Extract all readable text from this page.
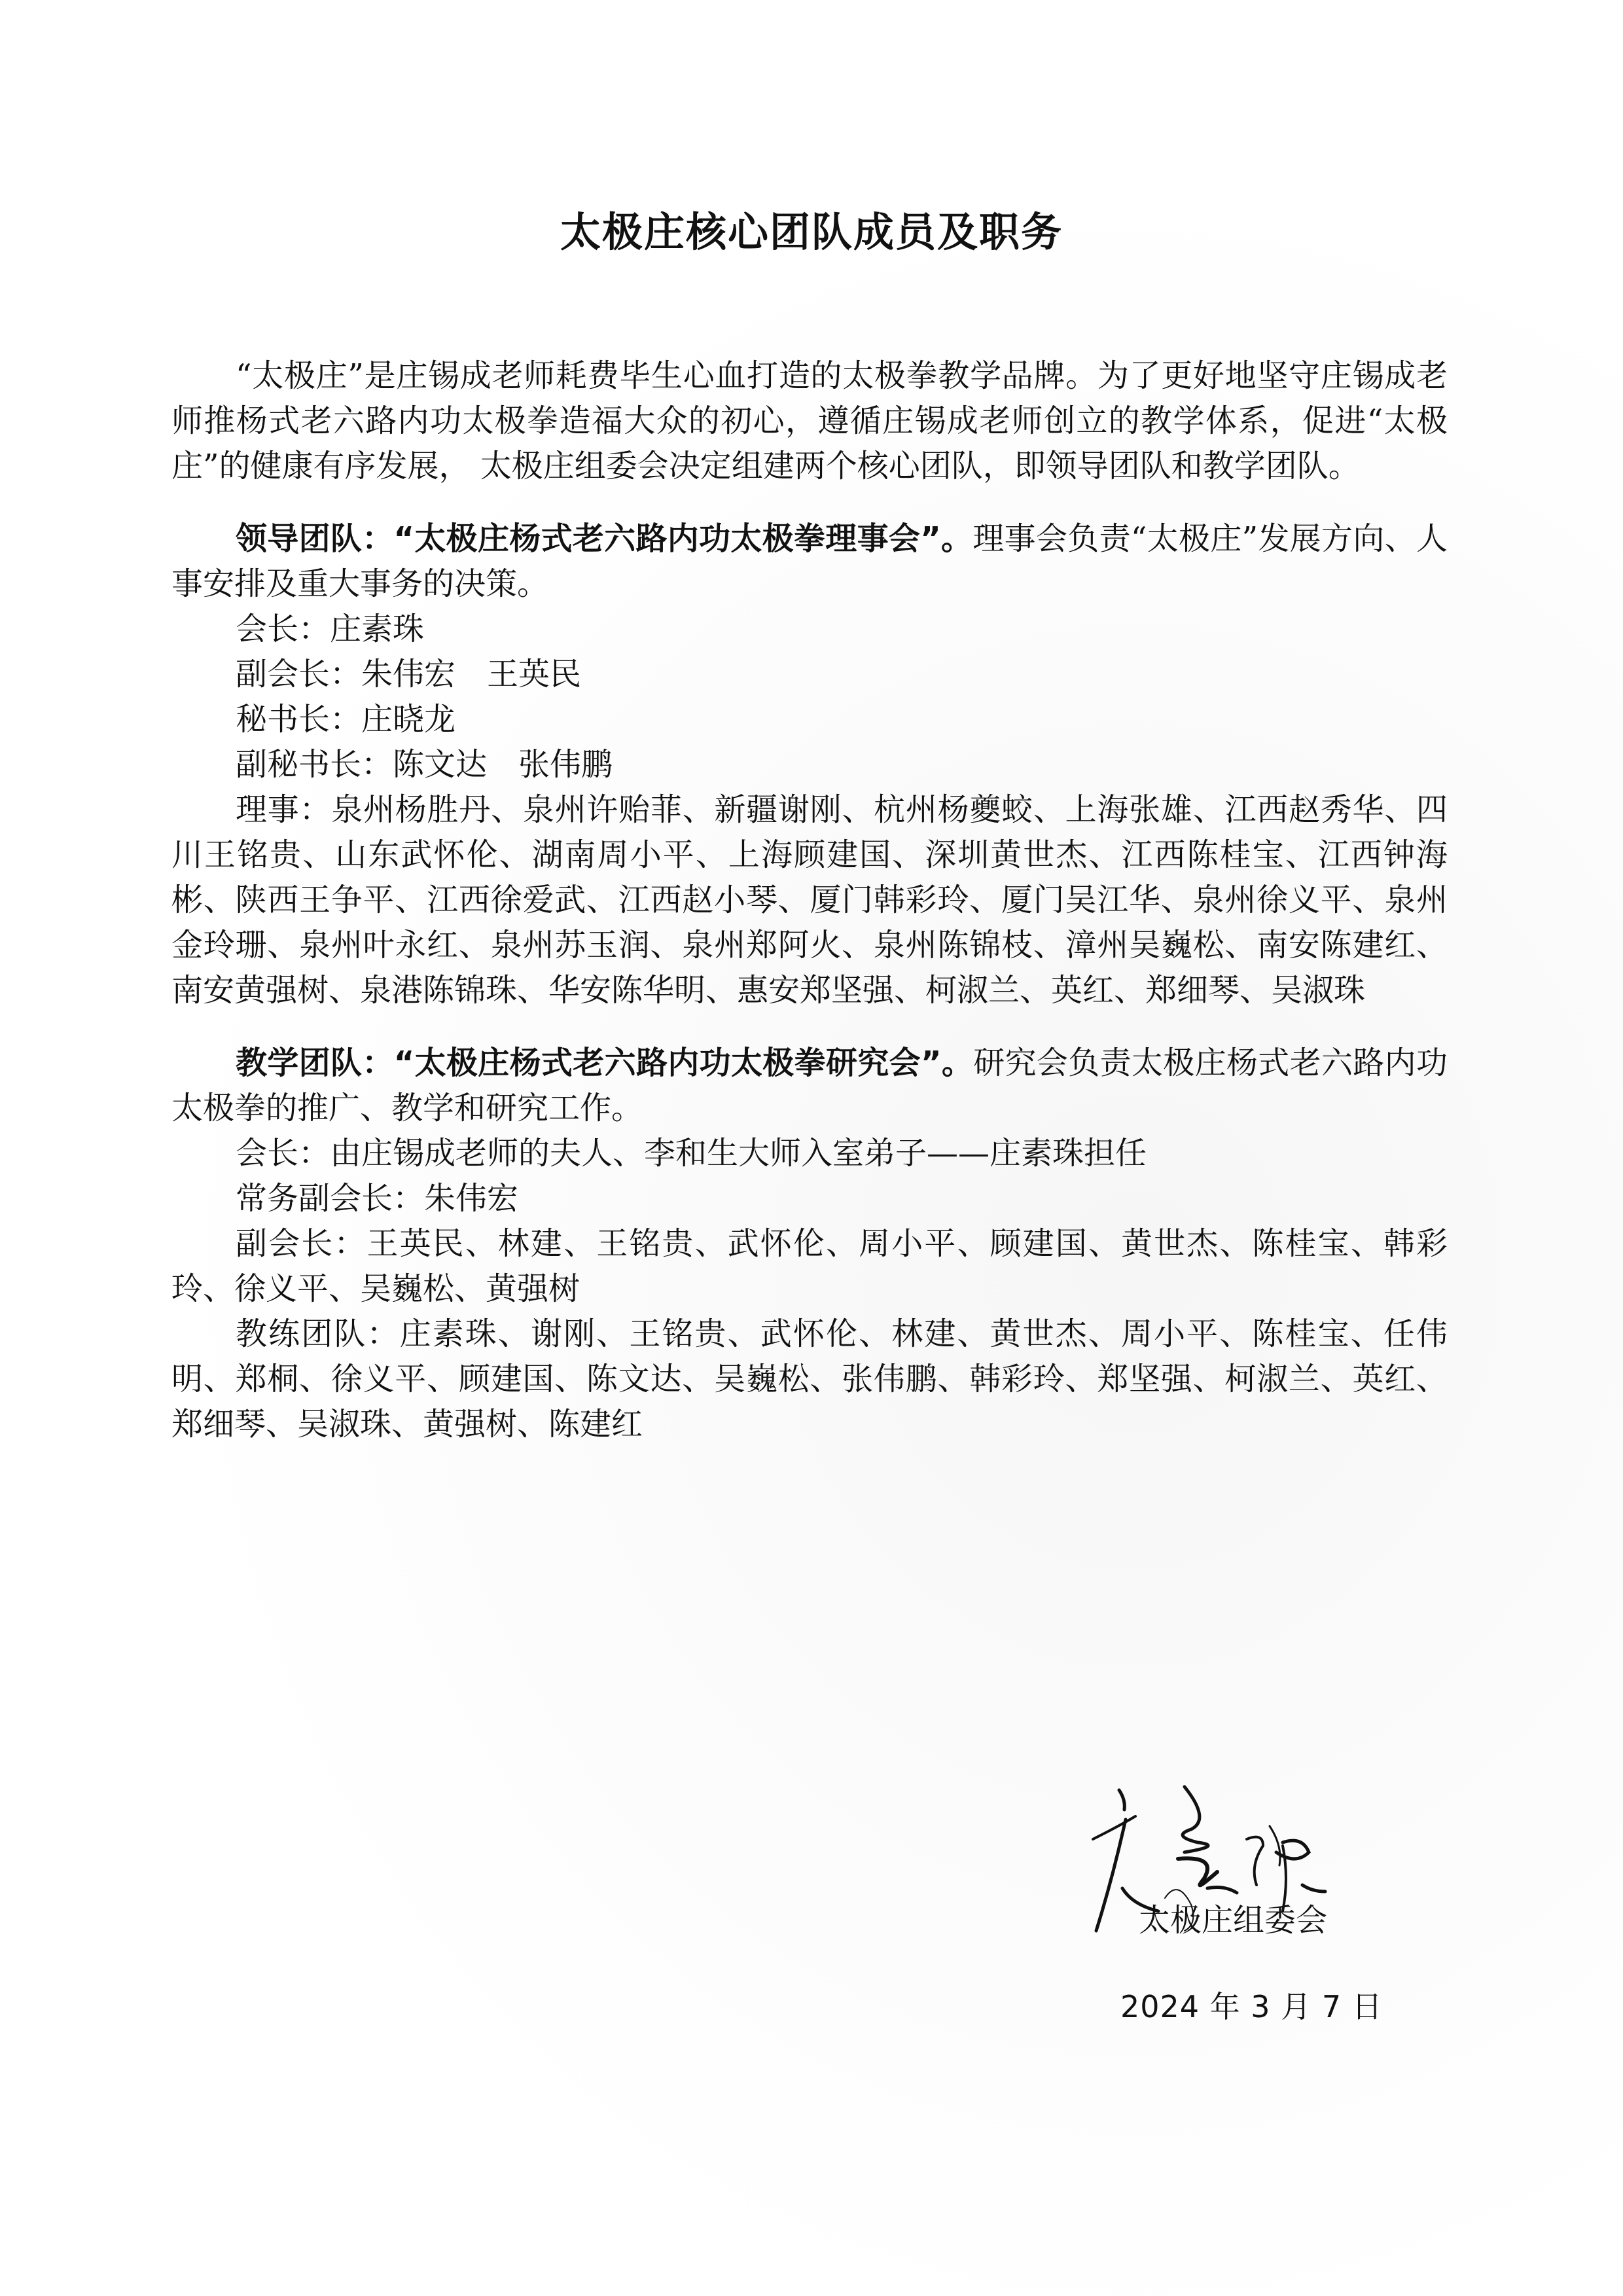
太极庄核心团队成员及职务

“太极庄”是庄锡成老师耗费毕生心血打造的太极拳教学品牌。为了更好地坚守庄锡成老师推杨式老六路内功太极拳造福大众的初心，遵循庄锡成老师创立的教学体系，促进“太极庄”的健康有序发展， 太极庄组委会决定组建两个核心团队，即领导团队和教学团队。

领导团队：“太极庄杨式老六路内功太极拳理事会”。理事会负责“太极庄”发展方向、人事安排及重大事务的决策。

会长：庄素珠

副会长：朱伟宏　王英民

秘书长：庄晓龙

副秘书长：陈文达　张伟鹏

理事：泉州杨胜丹、泉州许贻菲、新疆谢刚、杭州杨夔蛟、上海张雄、江西赵秀华、四川王铭贵、山东武怀伦、湖南周小平、上海顾建国、深圳黄世杰、江西陈桂宝、江西钟海彬、陕西王争平、江西徐爱武、江西赵小琴、厦门韩彩玲、厦门吴江华、泉州徐义平、泉州金玲珊、泉州叶永红、泉州苏玉润、泉州郑阿火、泉州陈锦枝、漳州吴巍松、南安陈建红、南安黄强树、泉港陈锦珠、华安陈华明、惠安郑坚强、柯淑兰、英红、郑细琴、吴淑珠

教学团队：“太极庄杨式老六路内功太极拳研究会”。研究会负责太极庄杨式老六路内功太极拳的推广、教学和研究工作。

会长：由庄锡成老师的夫人、李和生大师入室弟子——庄素珠担任

常务副会长：朱伟宏

副会长：王英民、林建、王铭贵、武怀伦、周小平、顾建国、黄世杰、陈桂宝、韩彩玲、徐义平、吴巍松、黄强树

教练团队：庄素珠、谢刚、王铭贵、武怀伦、林建、黄世杰、周小平、陈桂宝、任伟明、郑桐、徐义平、顾建国、陈文达、吴巍松、张伟鹏、韩彩玲、郑坚强、柯淑兰、英红、郑细琴、吴淑珠、黄强树、陈建红

太极庄组委会
2024 年 3 月 7 日
